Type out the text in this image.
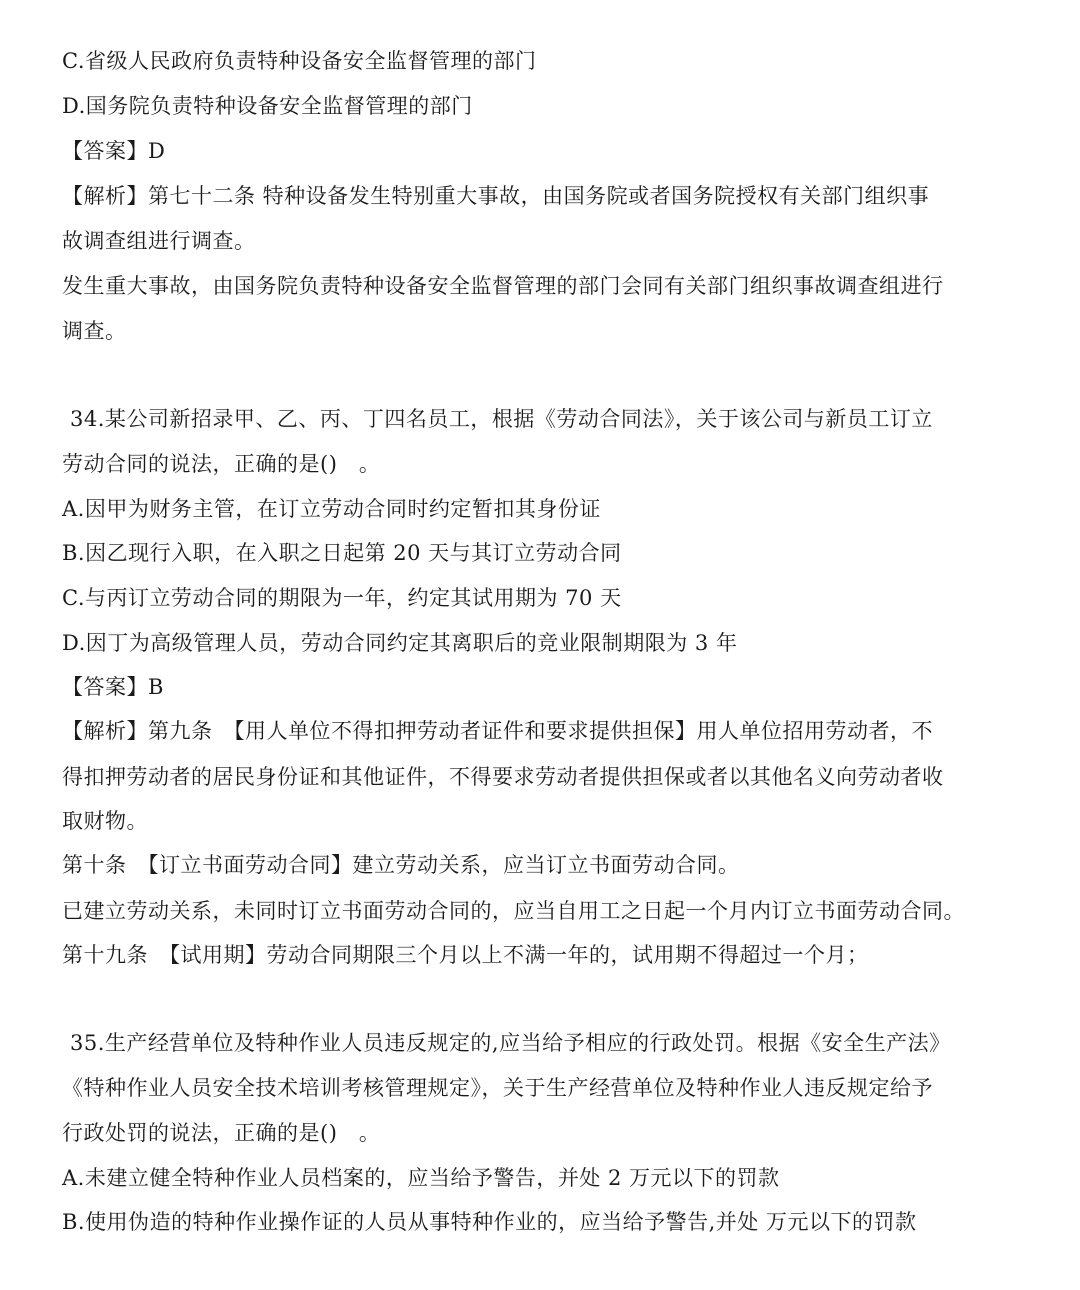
C.省级人民政府负责特种设备安全监督管理的部门
D.国务院负责特种设备安全监督管理的部门
【答案】D
【解析】第七十二条 特种设备发生特别重大事故，由国务院或者国务院授权有关部门组织事
故调查组进行调查。
发生重大事故，由国务院负责特种设备安全监督管理的部门会同有关部门组织事故调查组进行
调查。
34.某公司新招录甲、乙、丙、丁四名员工，根据《劳动合同法》，关于该公司与新员工订立
劳动合同的说法，正确的是()　。
A.因甲为财务主管，在订立劳动合同时约定暂扣其身份证
B.因乙现行入职，在入职之日起第 20 天与其订立劳动合同
C.与丙订立劳动合同的期限为一年，约定其试用期为 70 天
D.因丁为高级管理人员，劳动合同约定其离职后的竞业限制期限为 3 年
【答案】B
【解析】第九条　【用人单位不得扣押劳动者证件和要求提供担保】用人单位招用劳动者，不
得扣押劳动者的居民身份证和其他证件，不得要求劳动者提供担保或者以其他名义向劳动者收
取财物。
第十条　【订立书面劳动合同】建立劳动关系，应当订立书面劳动合同。
已建立劳动关系，未同时订立书面劳动合同的，应当自用工之日起一个月内订立书面劳动合同。
第十九条　【试用期】劳动合同期限三个月以上不满一年的，试用期不得超过一个月；
35.生产经营单位及特种作业人员违反规定的,应当给予相应的行政处罚。根据《安全生产法》
《特种作业人员安全技术培训考核管理规定》，关于生产经营单位及特种作业人违反规定给予
行政处罚的说法，正确的是()　。
A.未建立健全特种作业人员档案的，应当给予警告，并处 2 万元以下的罚款
B.使用伪造的特种作业操作证的人员从事特种作业的，应当给予警告,并处 万元以下的罚款
